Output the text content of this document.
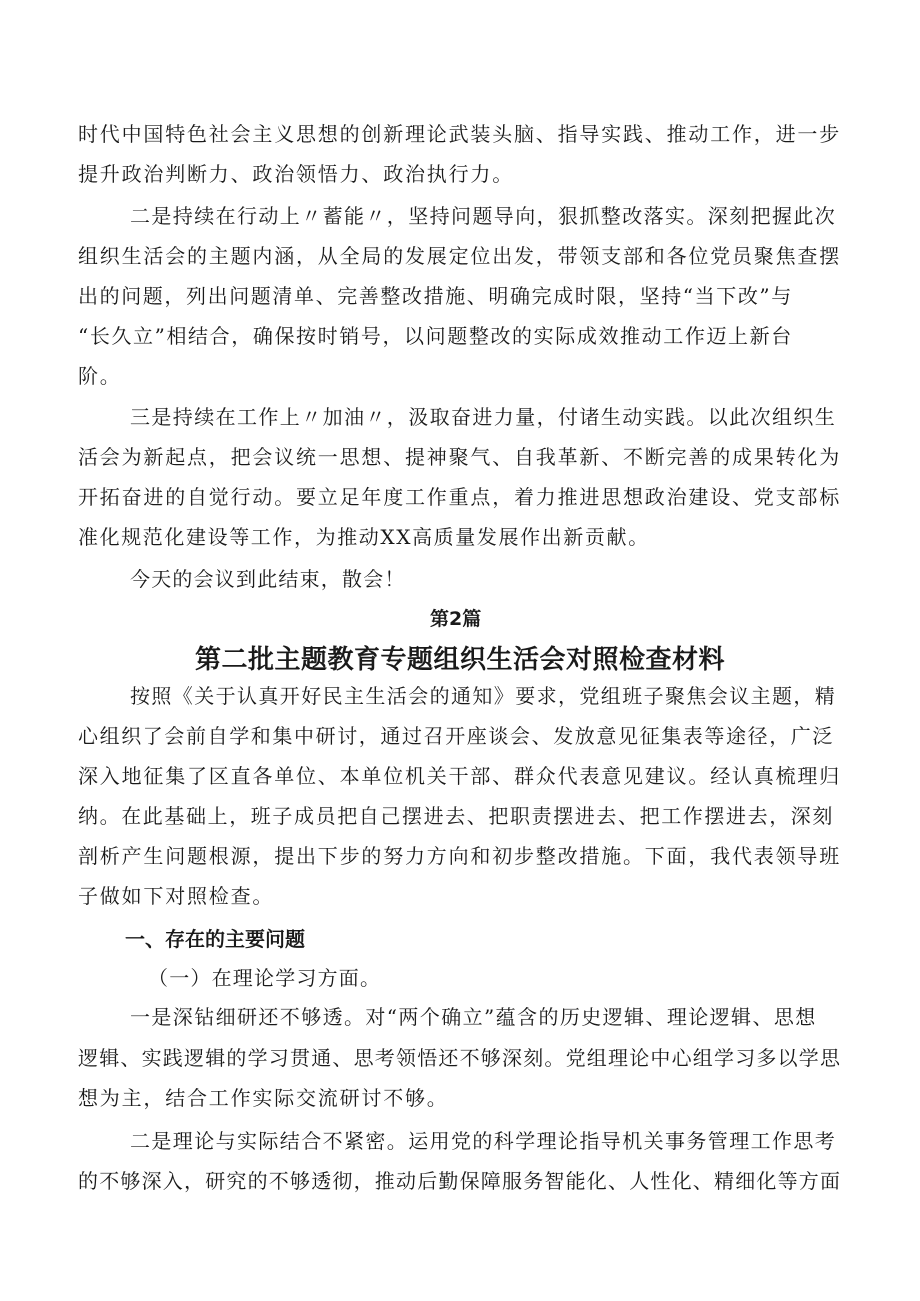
时代中国特色社会主义思想的创新理论武装头脑、指导实践、推动工作，进一步
提升政治判断力、政治领悟力、政治执行力。
二是持续在行动上〃蓄能〃，坚持问题导向，狠抓整改落实。深刻把握此次
组织生活会的主题内涵，从全局的发展定位出发，带领支部和各位党员聚焦查摆
出的问题，列出问题清单、完善整改措施、明确完成时限，坚持“当下改”与
“长久立”相结合，确保按时销号，以问题整改的实际成效推动工作迈上新台
阶。
三是持续在工作上〃加油〃，汲取奋进力量，付诸生动实践。以此次组织生
活会为新起点，把会议统一思想、提神聚气、自我革新、不断完善的成果转化为
开拓奋进的自觉行动。要立足年度工作重点，着力推进思想政治建设、党支部标
准化规范化建设等工作，为推动XX高质量发展作出新贡献。
今天的会议到此结束，散会！
第2篇
第二批主题教育专题组织生活会对照检查材料
按照《关于认真开好民主生活会的通知》要求，党组班子聚焦会议主题，精
心组织了会前自学和集中研讨，通过召开座谈会、发放意见征集表等途径，广泛
深入地征集了区直各单位、本单位机关干部、群众代表意见建议。经认真梳理归
纳。在此基础上，班子成员把自己摆进去、把职责摆进去、把工作摆进去，深刻
剖析产生问题根源，提出下步的努力方向和初步整改措施。下面，我代表领导班
子做如下对照检查。
一、存在的主要问题
（一）在理论学习方面。
一是深钻细研还不够透。对“两个确立”蕴含的历史逻辑、理论逻辑、思想
逻辑、实践逻辑的学习贯通、思考领悟还不够深刻。党组理论中心组学习多以学思
想为主，结合工作实际交流研讨不够。
二是理论与实际结合不紧密。运用党的科学理论指导机关事务管理工作思考
的不够深入，研究的不够透彻，推动后勤保障服务智能化、人性化、精细化等方面
